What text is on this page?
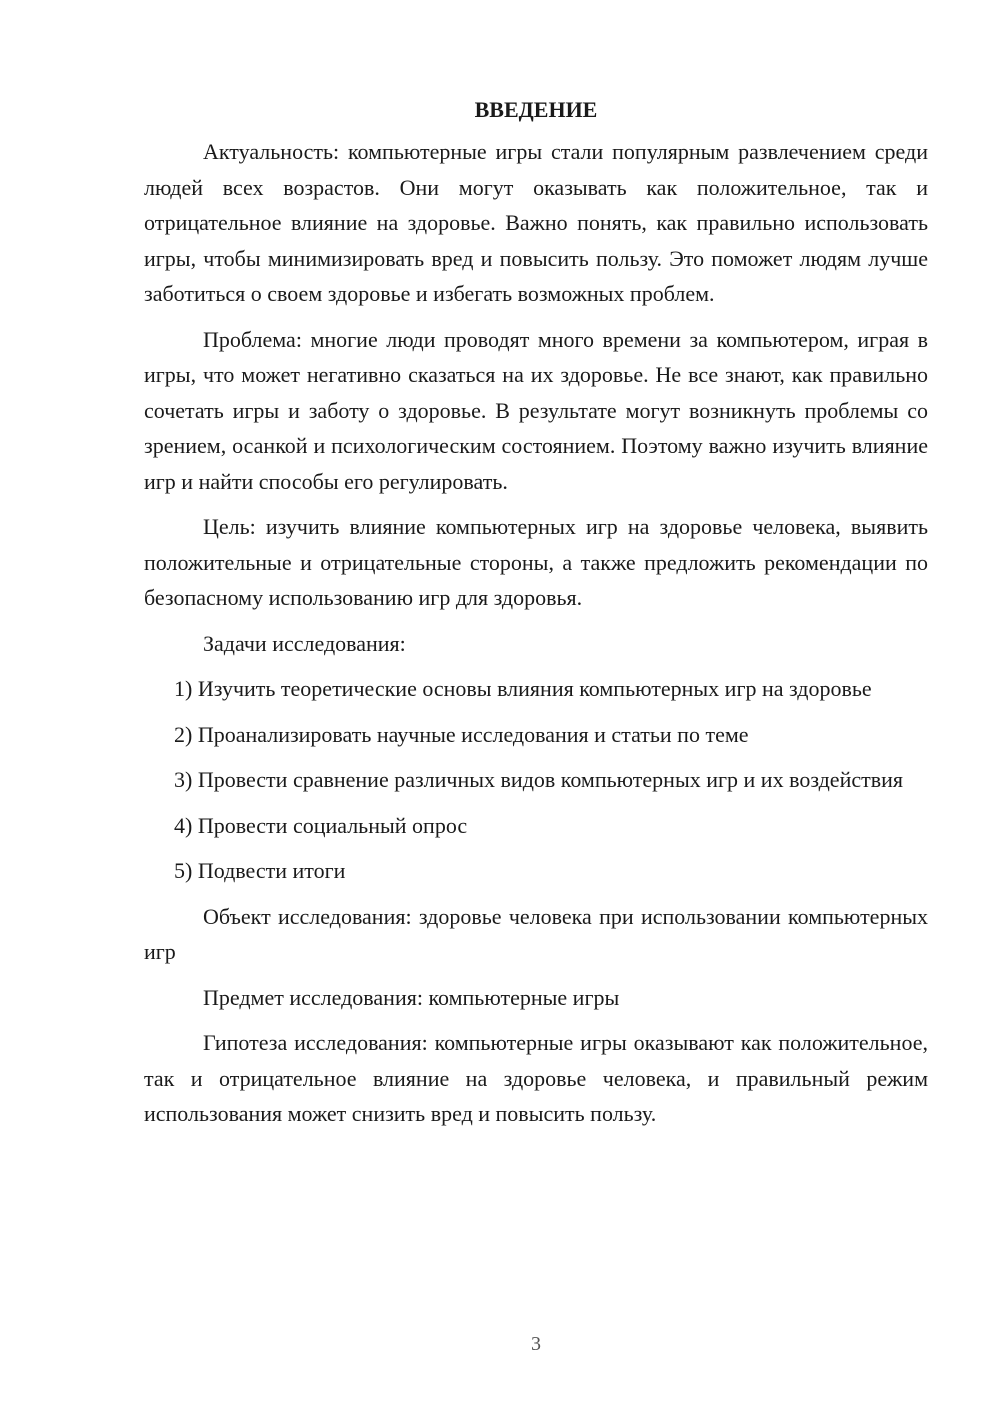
ВВЕДЕНИЕ

Актуальность: компьютерные игры стали популярным развлечением среди людей всех возрастов. Они могут оказывать как положительное, так и отрицательное влияние на здоровье. Важно понять, как правильно использовать игры, чтобы минимизировать вред и повысить пользу. Это поможет людям лучше заботиться о своем здоровье и избегать возможных проблем.

Проблема: многие люди проводят много времени за компьютером, играя в игры, что может негативно сказаться на их здоровье. Не все знают, как правильно сочетать игры и заботу о здоровье. В результате могут возникнуть проблемы со зрением, осанкой и психологическим состоянием. Поэтому важно изучить влияние игр и найти способы его регулировать.

Цель: изучить влияние компьютерных игр на здоровье человека, выявить положительные и отрицательные стороны, а также предложить рекомендации по безопасному использованию игр для здоровья.

Задачи исследования:

1) Изучить теоретические основы влияния компьютерных игр на здоровье

2) Проанализировать научные исследования и статьи по теме

3) Провести сравнение различных видов компьютерных игр и их воздействия

4) Провести социальный опрос

5) Подвести итоги

Объект исследования: здоровье человека при использовании компьютерных игр

Предмет исследования: компьютерные игры

Гипотеза исследования: компьютерные игры оказывают как положительное, так и отрицательное влияние на здоровье человека, и правильный режим использования может снизить вред и повысить пользу.

3
